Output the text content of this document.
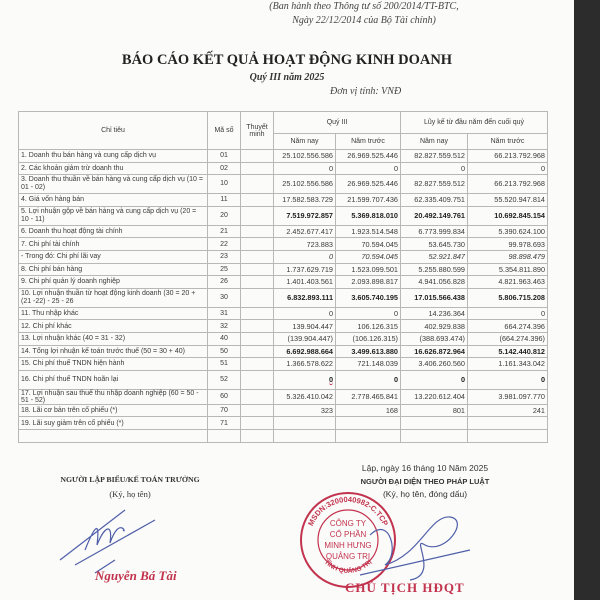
(Ban hành theo Thông tư số 200/2014/TT-BTC,
Ngày 22/12/2014 của Bộ Tài chính)
BÁO CÁO KẾT QUẢ HOẠT ĐỘNG KINH DOANH
Quý III năm 2025
Đơn vị tính: VNĐ
Chỉ tiêu	Mã số	Thuyết minh	Quý III		Lũy kế từ đầu năm đến cuối quý	
			Năm nay	Năm trước	Năm nay	Năm trước
1. Doanh thu bán hàng và cung cấp dịch vụ	01		25.102.556.586	26.969.525.446	82.827.559.512	66.213.792.968
2. Các khoản giảm trừ doanh thu	02		0	0	0	0
3. Doanh thu thuần về bán hàng và cung cấp dịch vụ (10 = 01 - 02)	10		25.102.556.586	26.969.525.446	82.827.559.512	66.213.792.968
4. Giá vốn hàng bán	11		17.582.583.729	21.599.707.436	62.335.409.751	55.520.947.814
5. Lợi nhuận gộp về bán hàng và cung cấp dịch vụ (20 = 10 - 11)	20		7.519.972.857	5.369.818.010	20.492.149.761	10.692.845.154
6. Doanh thu hoạt động tài chính	21		2.452.677.417	1.923.514.548	6.773.999.834	5.390.624.100
7. Chi phí tài chính	22		723.883	70.594.045	53.645.730	99.978.693
- Trong đó: Chi phí lãi vay	23		0	70.594.045	52.921.847	98.898.479
8. Chi phí bán hàng	25		1.737.629.719	1.523.099.501	5.255.880.599	5.354.811.890
9. Chi phí quản lý doanh nghiệp	26		1.401.403.561	2.093.898.817	4.941.056.828	4.821.963.463
10. Lợi nhuận thuần từ hoạt động kinh doanh (30 = 20 + (21 -22) - 25 - 26	30		6.832.893.111	3.605.740.195	17.015.566.438	5.806.715.208
11. Thu nhập khác	31		0	0	14.236.364	0
12. Chi phí khác	32		139.904.447	106.126.315	402.929.838	664.274.396
13. Lợi nhuận khác (40 = 31 - 32)	40		(139.904.447)	(106.126.315)	(388.693.474)	(664.274.396)
14. Tổng lợi nhuận kế toán trước thuế (50 = 30 + 40)	50		6.692.988.664	3.499.613.880	16.626.872.964	5.142.440.812
15. Chi phí thuế TNDN hiện hành	51		1.366.578.622	721.148.039	3.406.260.560	1.161.343.042
16. Chi phí thuế TNDN hoãn lại	52		0	0	0	0
17. Lợi nhuận sau thuế thu nhập doanh nghiệp (60 = 50 - 51 - 52)	60		5.326.410.042	2.778.465.841	13.220.612.404	3.981.097.770
18. Lãi cơ bản trên cổ phiếu (*)	70		323	168	801	241
19. Lãi suy giảm trên cổ phiếu (*)	71					

NGƯỜI LẬP BIỂU/KẾ TOÁN TRƯỞNG
(Ký, họ tên)
Nguyễn Bá Tài
Lập, ngày 16 tháng 10 Năm 2025
NGƯỜI ĐẠI DIỆN THEO PHÁP LUẬT
(Ký, họ tên, đóng dấu)
MSDN:3200040982-C.TCP
TỈNH QUẢNG TRỊ
CÔNG TY
CỔ PHẦN
MINH HƯNG
QUẢNG TRỊ
CHỦ TỊCH HĐQT
